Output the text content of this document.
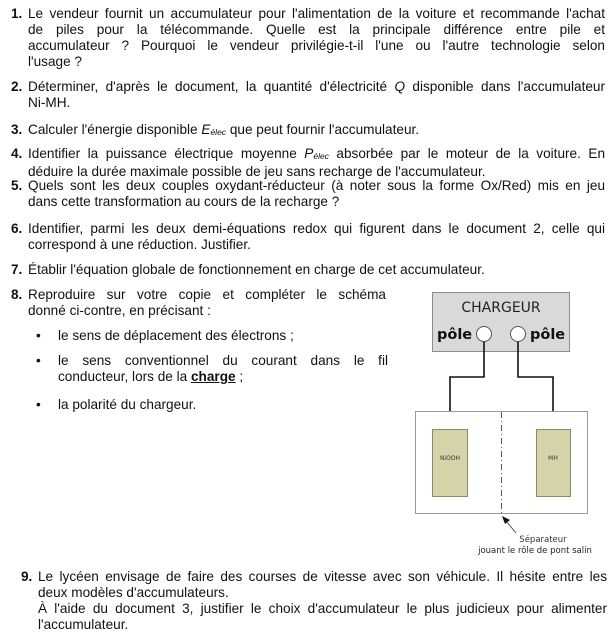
1. Le vendeur fournit un accumulateur pour l'alimentation de la voiture et recommande l'achat
de piles pour la télécommande. Quelle est la principale différence entre pile et
accumulateur ? Pourquoi le vendeur privilégie-t-il l'une ou l'autre technologie selon
l'usage ?
2. Déterminer, d'après le document, la quantité d'électricité Q disponible dans l'accumulateur
Ni-MH.
3. Calculer l'énergie disponible $E_{élec}$ que peut fournir l'accumulateur.
4. Identifier la puissance électrique moyenne $P_{élec}$ absorbée par le moteur de la voiture. En
déduire la durée maximale possible de jeu sans recharge de l'accumulateur.
5. Quels sont les deux couples oxydant-réducteur (à noter sous la forme Ox/Red) mis en jeu
dans cette transformation au cours de la recharge ?
6. Identifier, parmi les deux demi-équations redox qui figurent dans le document 2, celle qui
correspond à une réduction. Justifier.
7. Établir l'équation globale de fonctionnement en charge de cet accumulateur.
8. Reproduire sur votre copie et compléter le schéma
donné ci-contre, en précisant :
• le sens de déplacement des électrons ;
• le sens conventionnel du courant dans le fil
conducteur, lors de la charge ;
• la polarité du chargeur.
9. Le lycéen envisage de faire des courses de vitesse avec son véhicule. Il hésite entre les
deux modèles d'accumulateurs.
À l'aide du document 3, justifier le choix d'accumulateur le plus judicieux pour alimenter
l'accumulateur.
CHARGEUR
pôle	pôle
NiOOH	MH
Séparateur
jouant le rôle de pont salin
